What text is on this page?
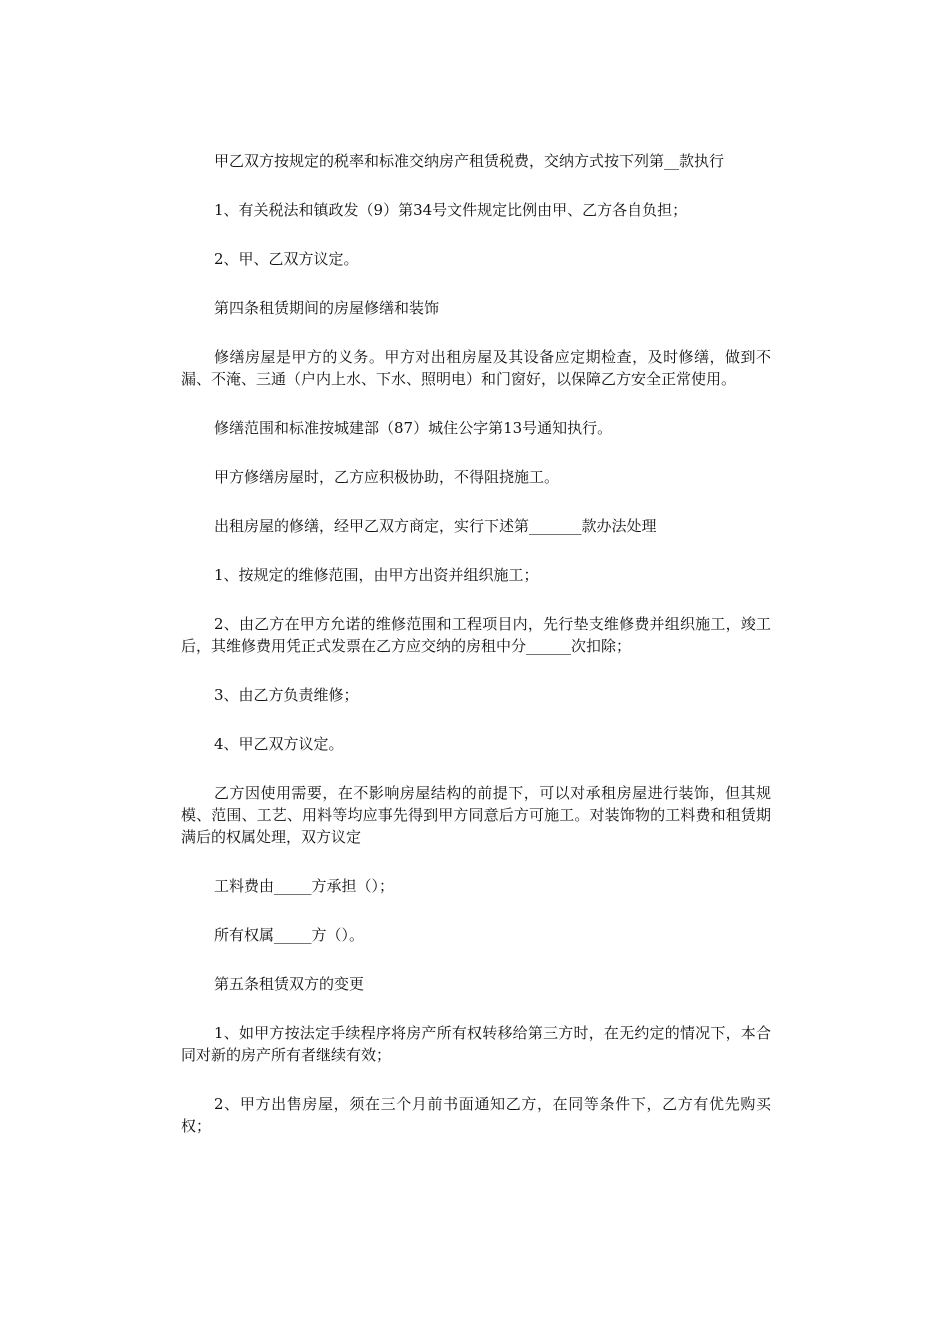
甲乙双方按规定的税率和标准交纳房产租赁税费，交纳方式按下列第__款执行

1、有关税法和镇政发（9）第34号文件规定比例由甲、乙方各自负担；

2、甲、乙双方议定。

第四条租赁期间的房屋修缮和装饰

修缮房屋是甲方的义务。甲方对出租房屋及其设备应定期检查，及时修缮，做到不漏、不淹、三通（户内上水、下水、照明电）和门窗好，以保障乙方安全正常使用。

修缮范围和标准按城建部（87）城住公字第13号通知执行。

甲方修缮房屋时，乙方应积极协助，不得阻挠施工。

出租房屋的修缮，经甲乙双方商定，实行下述第_______款办法处理

1、按规定的维修范围，由甲方出资并组织施工；

2、由乙方在甲方允诺的维修范围和工程项目内，先行垫支维修费并组织施工，竣工后，其维修费用凭正式发票在乙方应交纳的房租中分______次扣除；

3、由乙方负责维修；

4、甲乙双方议定。

乙方因使用需要，在不影响房屋结构的前提下，可以对承租房屋进行装饰，但其规模、范围、工艺、用料等均应事先得到甲方同意后方可施工。对装饰物的工料费和租赁期满后的权属处理，双方议定

工料费由_____方承担（）；

所有权属_____方（）。

第五条租赁双方的变更

1、如甲方按法定手续程序将房产所有权转移给第三方时，在无约定的情况下，本合同对新的房产所有者继续有效；

2、甲方出售房屋，须在三个月前书面通知乙方，在同等条件下，乙方有优先购买权；
